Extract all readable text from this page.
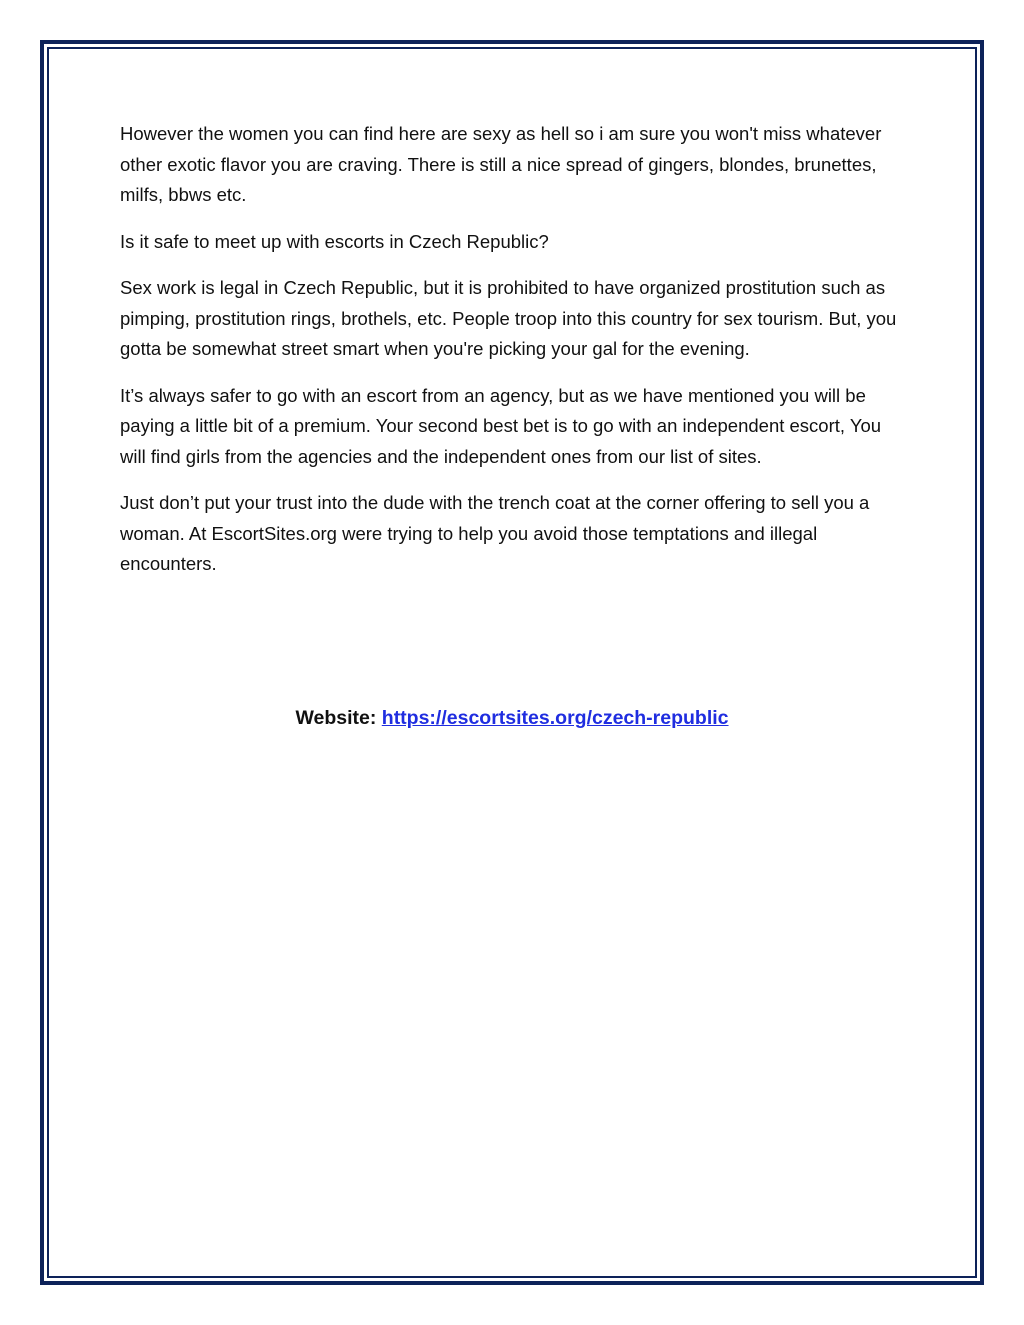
However the women you can find here are sexy as hell so i am sure you won't miss whatever other exotic flavor you are craving. There is still a nice spread of gingers, blondes, brunettes, milfs, bbws etc.

Is it safe to meet up with escorts in Czech Republic?

Sex work is legal in Czech Republic, but it is prohibited to have organized prostitution such as pimping, prostitution rings, brothels, etc. People troop into this country for sex tourism. But, you gotta be somewhat street smart when you're picking your gal for the evening.

It’s always safer to go with an escort from an agency, but as we have mentioned you will be paying a little bit of a premium. Your second best bet is to go with an independent escort, You will find girls from the agencies and the independent ones from our list of sites.

Just don’t put your trust into the dude with the trench coat at the corner offering to sell you a woman. At EscortSites.org were trying to help you avoid those temptations and illegal encounters.

Website: https://escortsites.org/czech-republic
